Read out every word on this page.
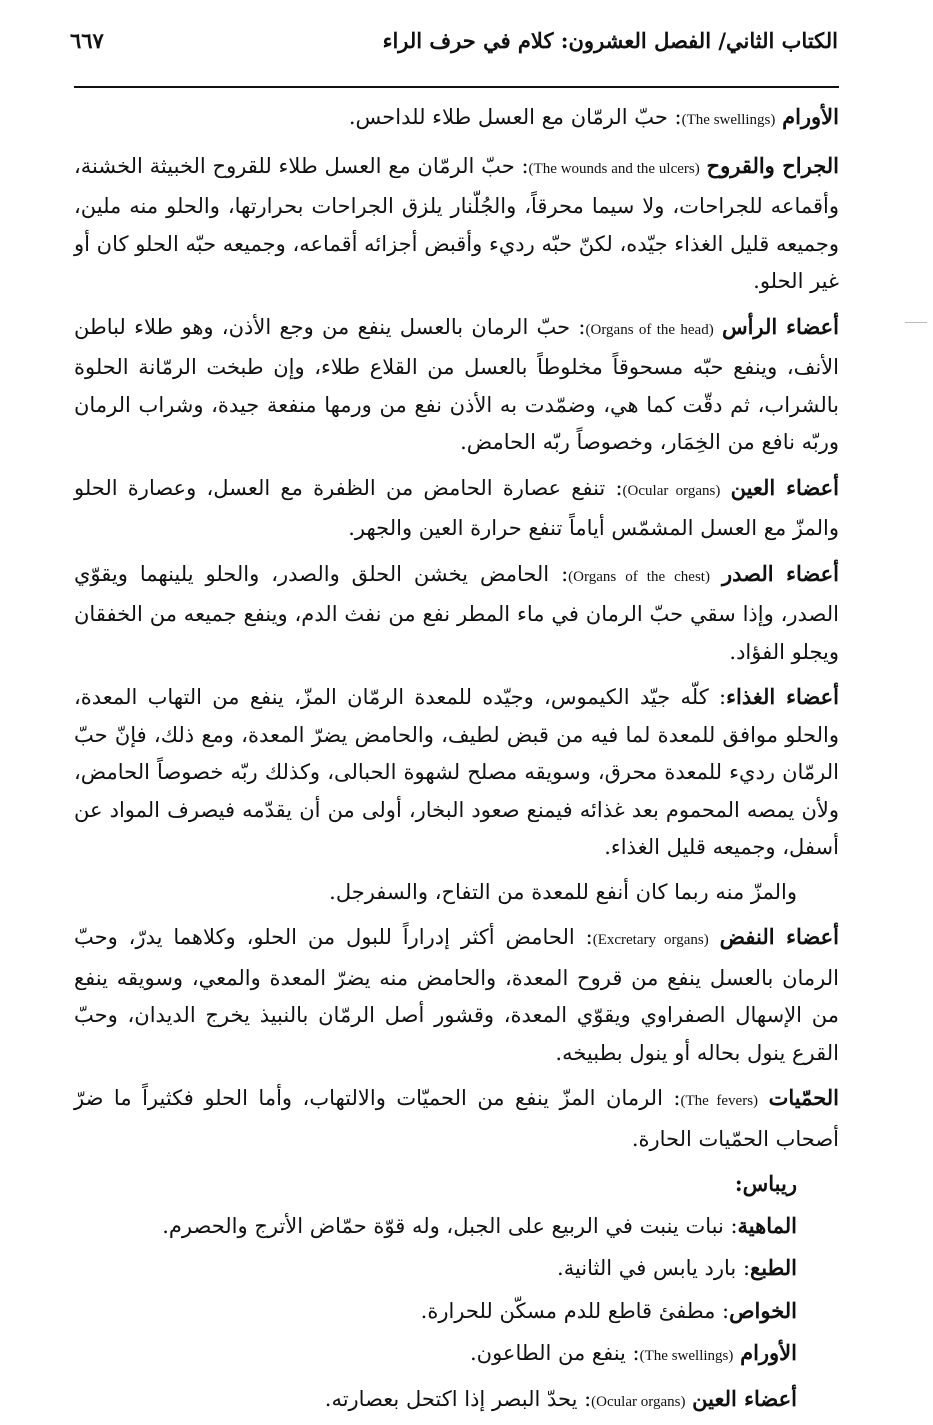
الكتاب الثاني/ الفصل العشرون: كلام في حرف الراء
٦٦٧

الأورام (The swellings): حبّ الرمّان مع العسل طلاء للداحس.

الجراح والقروح (The wounds and the ulcers): حبّ الرمّان مع العسل طلاء للقروح الخبيثة الخشنة، وأقماعه للجراحات، ولا سيما محرقاً، والجُلّنار يلزق الجراحات بحرارتها، والحلو منه ملين، وجميعه قليل الغذاء جيّده، لكنّ حبّه رديء وأقبض أجزائه أقماعه، وجميعه حبّه الحلو كان أو غير الحلو.

أعضاء الرأس (Organs of the head): حبّ الرمان بالعسل ينفع من وجع الأذن، وهو طلاء لباطن الأنف، وينفع حبّه مسحوقاً مخلوطاً بالعسل من القلاع طلاء، وإن طبخت الرمّانة الحلوة بالشراب، ثم دقّت كما هي، وضمّدت به الأذن نفع من ورمها منفعة جيدة، وشراب الرمان وربّه نافع من الخِمَار، وخصوصاً ربّه الحامض.

أعضاء العين (Ocular organs): تنفع عصارة الحامض من الظفرة مع العسل، وعصارة الحلو والمزّ مع العسل المشمّس أياماً تنفع حرارة العين والجهر.

أعضاء الصدر (Organs of the chest): الحامض يخشن الحلق والصدر، والحلو يلينهما ويقوّي الصدر، وإذا سقي حبّ الرمان في ماء المطر نفع من نفث الدم، وينفع جميعه من الخفقان ويجلو الفؤاد.

أعضاء الغذاء: كلّه جيّد الكيموس، وجيّده للمعدة الرمّان المزّ، ينفع من التهاب المعدة، والحلو موافق للمعدة لما فيه من قبض لطيف، والحامض يضرّ المعدة، ومع ذلك، فإنّ حبّ الرمّان رديء للمعدة محرق، وسويقه مصلح لشهوة الحبالى، وكذلك ربّه خصوصاً الحامض، ولأن يمصه المحموم بعد غذائه فيمنع صعود البخار، أولى من أن يقدّمه فيصرف المواد عن أسفل، وجميعه قليل الغذاء.

والمزّ منه ربما كان أنفع للمعدة من التفاح، والسفرجل.

أعضاء النفض (Excretary organs): الحامض أكثر إدراراً للبول من الحلو، وكلاهما يدرّ، وحبّ الرمان بالعسل ينفع من قروح المعدة، والحامض منه يضرّ المعدة والمعي، وسويقه ينفع من الإسهال الصفراوي ويقوّي المعدة، وقشور أصل الرمّان بالنبيذ يخرج الديدان، وحبّ القرع ينول بحاله أو ينول بطبيخه.

الحمّيات (The fevers): الرمان المزّ ينفع من الحميّات والالتهاب، وأما الحلو فكثيراً ما ضرّ أصحاب الحمّيات الحارة.

ريباس:
الماهية: نبات ينبت في الربيع على الجبل، وله قوّة حمّاض الأترج والحصرم.
الطبع: بارد يابس في الثانية.
الخواص: مطفئ قاطع للدم مسكّن للحرارة.
الأورام (The swellings): ينفع من الطاعون.
أعضاء العين (Ocular organs): يحدّ البصر إذا اكتحل بعصارته.
